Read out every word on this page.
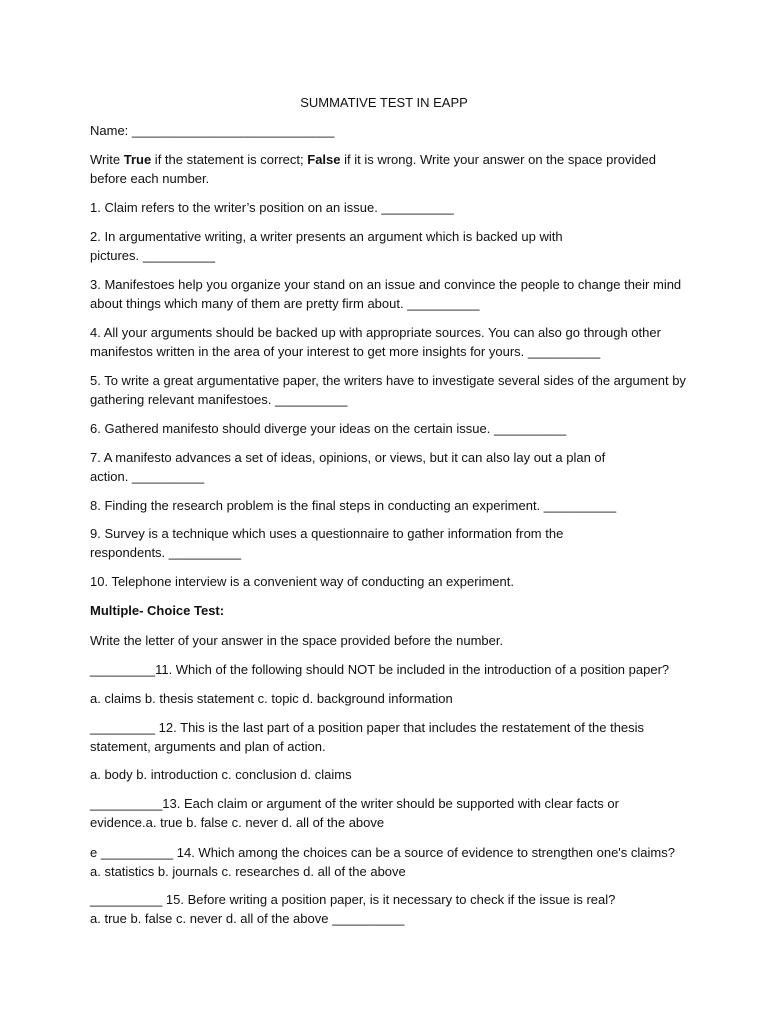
SUMMATIVE TEST IN EAPP

Name: ____________________________

Write True if the statement is correct; False if it is wrong. Write your answer on the space provided before each number.

1. Claim refers to the writer’s position on an issue. __________

2. In argumentative writing, a writer presents an argument which is backed up with
pictures. __________

3. Manifestoes help you organize your stand on an issue and convince the people to change their mind
about things which many of them are pretty firm about. __________

4. All your arguments should be backed up with appropriate sources. You can also go through other
manifestos written in the area of your interest to get more insights for yours. __________

5. To write a great argumentative paper, the writers have to investigate several sides of the argument by
gathering relevant manifestoes. __________

6. Gathered manifesto should diverge your ideas on the certain issue. __________

7. A manifesto advances a set of ideas, opinions, or views, but it can also lay out a plan of
action. __________

8. Finding the research problem is the final steps in conducting an experiment. __________

9. Survey is a technique which uses a questionnaire to gather information from the
respondents. __________

10. Telephone interview is a convenient way of conducting an experiment.

Multiple- Choice Test:

Write the letter of your answer in the space provided before the number.

_________11. Which of the following should NOT be included in the introduction of a position paper?

a. claims b. thesis statement c. topic d. background information

_________ 12. This is the last part of a position paper that includes the restatement of the thesis
statement, arguments and plan of action.

a. body b. introduction c. conclusion d. claims

__________13. Each claim or argument of the writer should be supported with clear facts or
evidence.a. true b. false c. never d. all of the above

e __________ 14. Which among the choices can be a source of evidence to strengthen one's claims?
a. statistics b. journals c. researches d. all of the above

__________ 15. Before writing a position paper, is it necessary to check if the issue is real?
a. true b. false c. never d. all of the above __________
